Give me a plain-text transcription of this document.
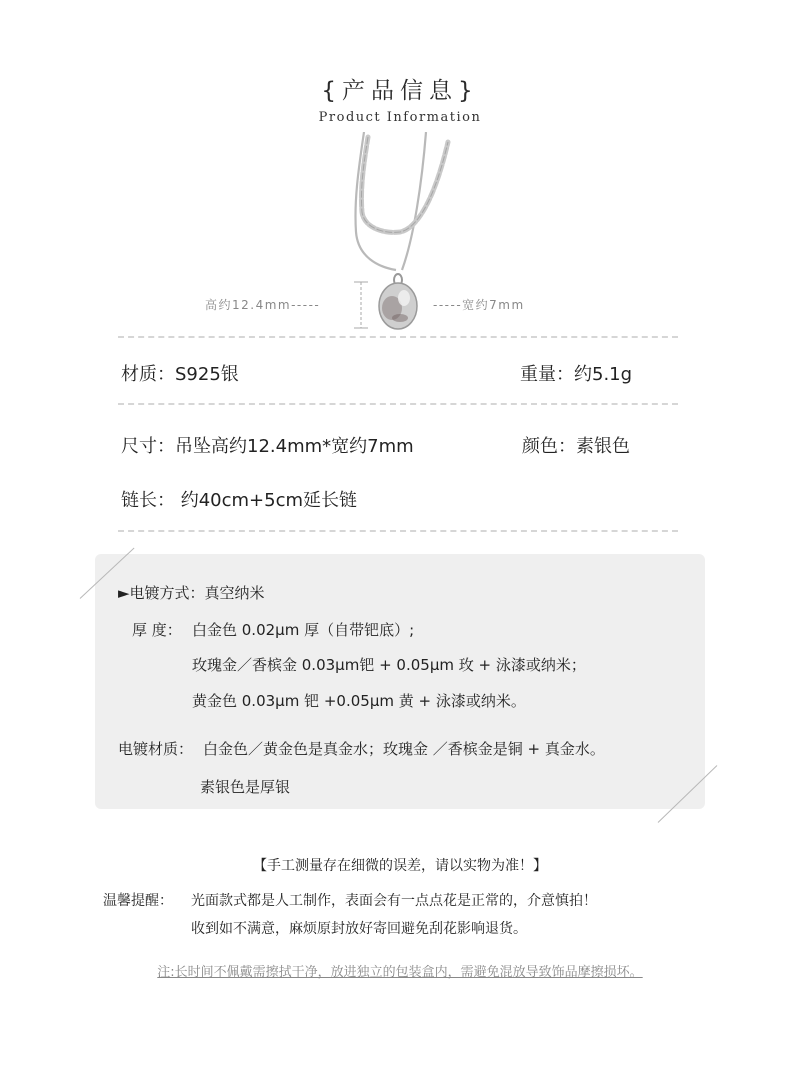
{产品信息}
Product Information
高约12.4mm-----	-----宽约7mm
材质：S925银	重量：约5.1g
尺寸：吊坠高约12.4mm*宽约7mm	颜色：素银色
链长： 约40cm+5cm延长链
►电镀方式：真空纳米
厚 度： 白金色 0.02μm 厚（自带钯底）;
玫瑰金／香槟金 0.03μm钯 + 0.05μm 玫 + 泳漆或纳米；
黄金色 0.03μm 钯 +0.05μm 黄 + 泳漆或纳米。
电镀材质： 白金色／黄金色是真金水；玫瑰金 ／香槟金是铜 + 真金水。
素银色是厚银
【手工测量存在细微的误差，请以实物为准！】
温馨提醒： 光面款式都是人工制作，表面会有一点点花是正常的，介意慎拍！
收到如不满意，麻烦原封放好寄回避免刮花影响退货。
注:长时间不佩戴需擦拭干净，放进独立的包装盒内，需避免混放导致饰品摩擦损坏。
